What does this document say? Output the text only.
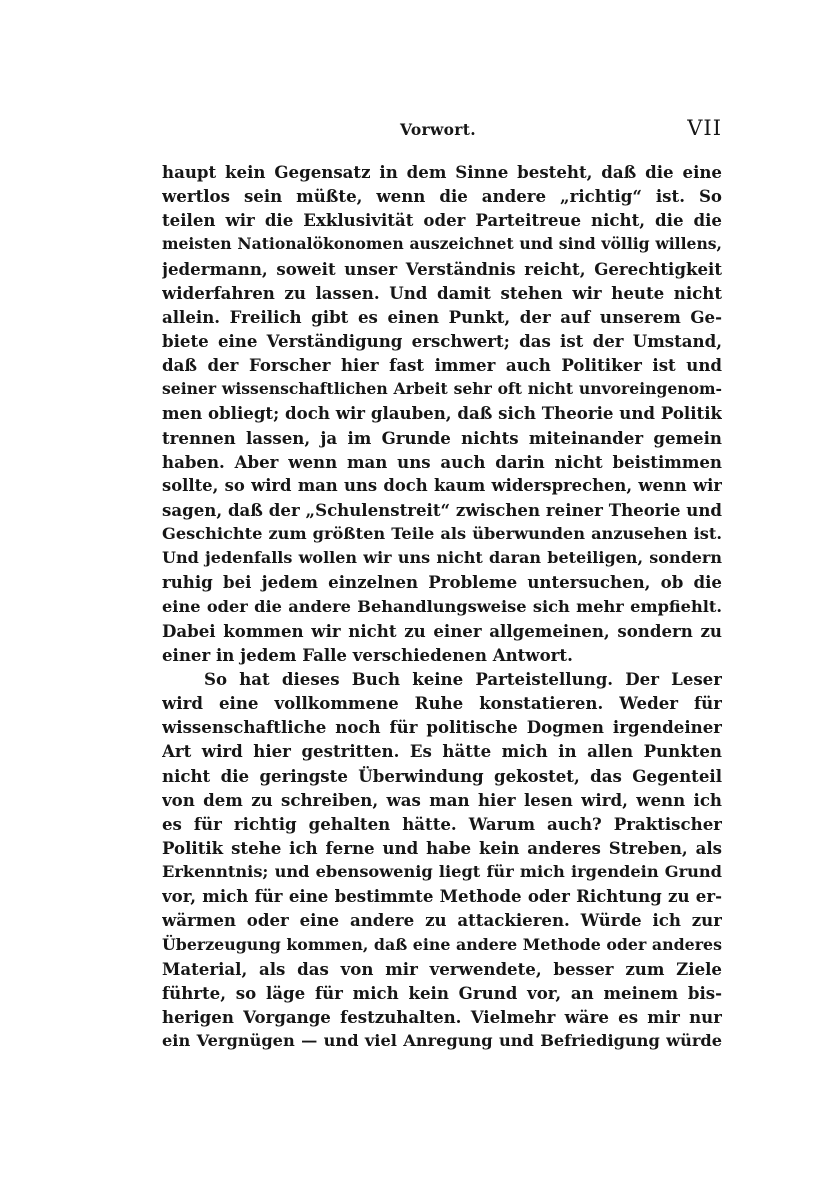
Vorwort.	VII
haupt kein Gegensatz in dem Sinne besteht, daß die eine
wertlos sein müßte, wenn die andere „richtig“ ist. So
teilen wir die Exklusivität oder Parteitreue nicht, die die
meisten Nationalökonomen auszeichnet und sind völlig willens,
jedermann, soweit unser Verständnis reicht, Gerechtigkeit
widerfahren zu lassen. Und damit stehen wir heute nicht
allein. Freilich gibt es einen Punkt, der auf unserem Ge-
biete eine Verständigung erschwert; das ist der Umstand,
daß der Forscher hier fast immer auch Politiker ist und
seiner wissenschaftlichen Arbeit sehr oft nicht unvoreingenom-
men obliegt; doch wir glauben, daß sich Theorie und Politik
trennen lassen, ja im Grunde nichts miteinander gemein
haben. Aber wenn man uns auch darin nicht beistimmen
sollte, so wird man uns doch kaum widersprechen, wenn wir
sagen, daß der „Schulenstreit“ zwischen reiner Theorie und
Geschichte zum größten Teile als überwunden anzusehen ist.
Und jedenfalls wollen wir uns nicht daran beteiligen, sondern
ruhig bei jedem einzelnen Probleme untersuchen, ob die
eine oder die andere Behandlungsweise sich mehr empfiehlt.
Dabei kommen wir nicht zu einer allgemeinen, sondern zu
einer in jedem Falle verschiedenen Antwort.
So hat dieses Buch keine Parteistellung. Der Leser
wird eine vollkommene Ruhe konstatieren. Weder für
wissenschaftliche noch für politische Dogmen irgendeiner
Art wird hier gestritten. Es hätte mich in allen Punkten
nicht die geringste Überwindung gekostet, das Gegenteil
von dem zu schreiben, was man hier lesen wird, wenn ich
es für richtig gehalten hätte. Warum auch? Praktischer
Politik stehe ich ferne und habe kein anderes Streben, als
Erkenntnis; und ebensowenig liegt für mich irgendein Grund
vor, mich für eine bestimmte Methode oder Richtung zu er-
wärmen oder eine andere zu attackieren. Würde ich zur
Überzeugung kommen, daß eine andere Methode oder anderes
Material, als das von mir verwendete, besser zum Ziele
führte, so läge für mich kein Grund vor, an meinem bis-
herigen Vorgange festzuhalten. Vielmehr wäre es mir nur
ein Vergnügen — und viel Anregung und Befriedigung würde
